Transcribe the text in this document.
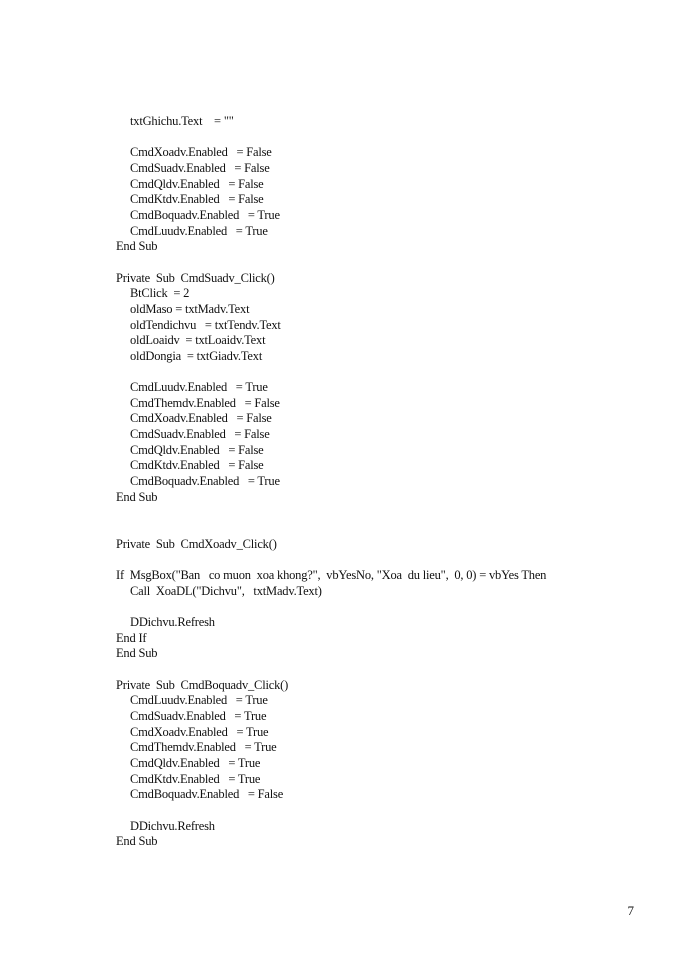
txtGhichu.Text    = ""
CmdXoadv.Enabled   = False
CmdSuadv.Enabled   = False
CmdQldv.Enabled   = False
CmdKtdv.Enabled   = False
CmdBoquadv.Enabled   = True
CmdLuudv.Enabled   = True
End Sub
Private  Sub  CmdSuadv_Click()
BtClick  = 2
oldMaso = txtMadv.Text
oldTendichvu   = txtTendv.Text
oldLoaidv  = txtLoaidv.Text
oldDongia  = txtGiadv.Text
CmdLuudv.Enabled   = True
CmdThemdv.Enabled   = False
CmdXoadv.Enabled   = False
CmdSuadv.Enabled   = False
CmdQldv.Enabled   = False
CmdKtdv.Enabled   = False
CmdBoquadv.Enabled   = True
End Sub
Private  Sub  CmdXoadv_Click()
If  MsgBox("Ban   co muon  xoa khong?",  vbYesNo, "Xoa  du lieu",  0, 0) = vbYes Then
Call  XoaDL("Dichvu",   txtMadv.Text)
DDichvu.Refresh
End If
End Sub
Private  Sub  CmdBoquadv_Click()
CmdLuudv.Enabled   = True
CmdSuadv.Enabled   = True
CmdXoadv.Enabled   = True
CmdThemdv.Enabled   = True
CmdQldv.Enabled   = True
CmdKtdv.Enabled   = True
CmdBoquadv.Enabled   = False
DDichvu.Refresh
End Sub
7
